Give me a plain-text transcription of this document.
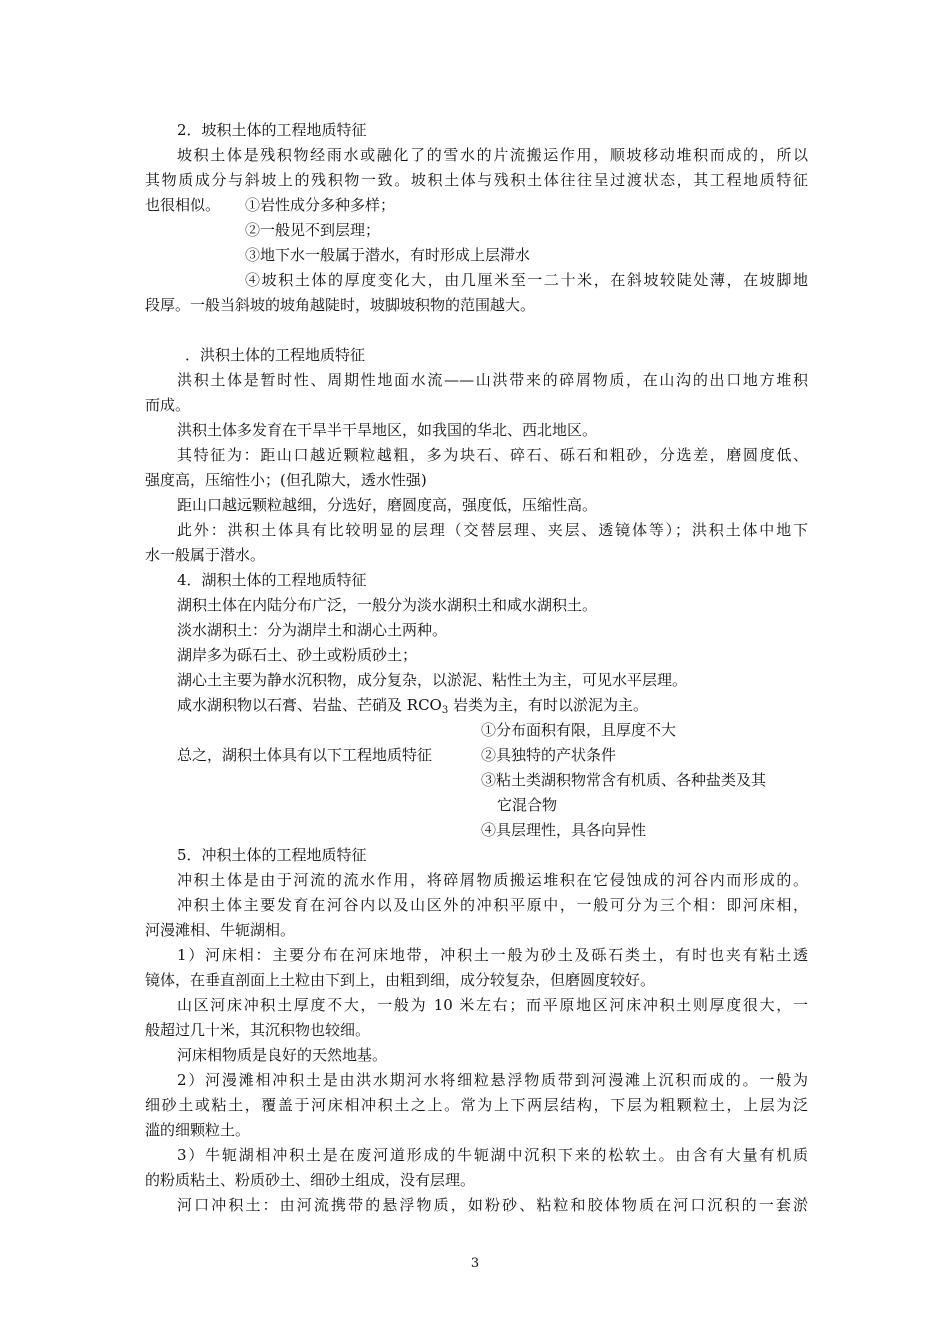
2．坡积土体的工程地质特征
坡积土体是残积物经雨水或融化了的雪水的片流搬运作用，顺坡移动堆积而成的，所以
其物质成分与斜坡上的残积物一致。坡积土体与残积土体往往呈过渡状态，其工程地质特征
也很相似。 ①岩性成分多种多样；
②一般见不到层理；
③地下水一般属于潜水，有时形成上层滞水
④坡积土体的厚度变化大，由几厘米至一二十米，在斜坡较陡处薄，在坡脚地
段厚。一般当斜坡的坡角越陡时，坡脚坡积物的范围越大。
．洪积土体的工程地质特征
洪积土体是暂时性、周期性地面水流——山洪带来的碎屑物质，在山沟的出口地方堆积
而成。
洪积土体多发育在干旱半干旱地区，如我国的华北、西北地区。
其特征为：距山口越近颗粒越粗，多为块石、碎石、砾石和粗砂，分选差，磨圆度低、
强度高，压缩性小；(但孔隙大，透水性强)
距山口越远颗粒越细，分选好，磨圆度高，强度低，压缩性高。
此外：洪积土体具有比较明显的层理（交替层理、夹层、透镜体等）；洪积土体中地下
水一般属于潜水。
4．湖积土体的工程地质特征
湖积土体在内陆分布广泛，一般分为淡水湖积土和咸水湖积土。
淡水湖积土：分为湖岸土和湖心土两种。
湖岸多为砾石土、砂土或粉质砂土；
湖心土主要为静水沉积物，成分复杂，以淤泥、粘性土为主，可见水平层理。
咸水湖积物以石膏、岩盐、芒硝及 $RCO_3$ 岩类为主，有时以淤泥为主。
①分布面积有限，且厚度不大
总之，湖积土体具有以下工程地质特征	②具独特的产状条件
③粘土类湖积物常含有机质、各种盐类及其
它混合物
④具层理性，具各向异性
5．冲积土体的工程地质特征
冲积土体是由于河流的流水作用，将碎屑物质搬运堆积在它侵蚀成的河谷内而形成的。
冲积土体主要发育在河谷内以及山区外的冲积平原中，一般可分为三个相：即河床相，
河漫滩相、牛轭湖相。
1）河床相：主要分布在河床地带，冲积土一般为砂土及砾石类土，有时也夹有粘土透
镜体，在垂直剖面上土粒由下到上，由粗到细，成分较复杂，但磨圆度较好。
山区河床冲积土厚度不大，一般为 10 米左右；而平原地区河床冲积土则厚度很大，一
般超过几十米，其沉积物也较细。
河床相物质是良好的天然地基。
2）河漫滩相冲积土是由洪水期河水将细粒悬浮物质带到河漫滩上沉积而成的。一般为
细砂土或粘土，覆盖于河床相冲积土之上。常为上下两层结构，下层为粗颗粒土，上层为泛
滥的细颗粒土。
3）牛轭湖相冲积土是在废河道形成的牛轭湖中沉积下来的松软土。由含有大量有机质
的粉质粘土、粉质砂土、细砂土组成，没有层理。
河口冲积土：由河流携带的悬浮物质，如粉砂、粘粒和胶体物质在河口沉积的一套淤
3
